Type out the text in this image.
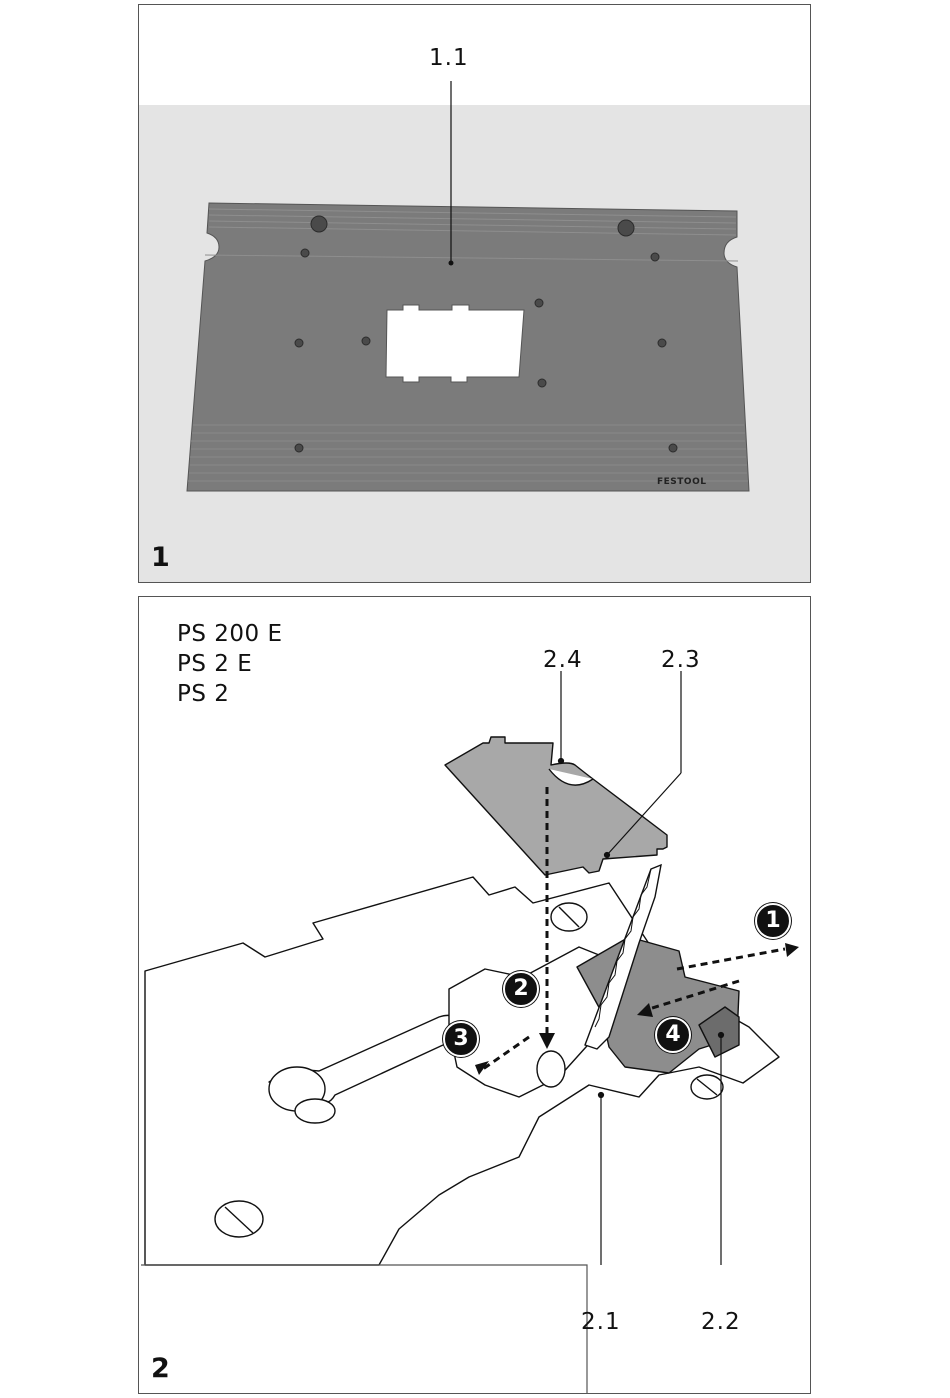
FESTOOL
1.1
1
PS 200 E
PS 2 E
PS 2
2.4	2.3
2.1	2.2
1
2
3	4
2
